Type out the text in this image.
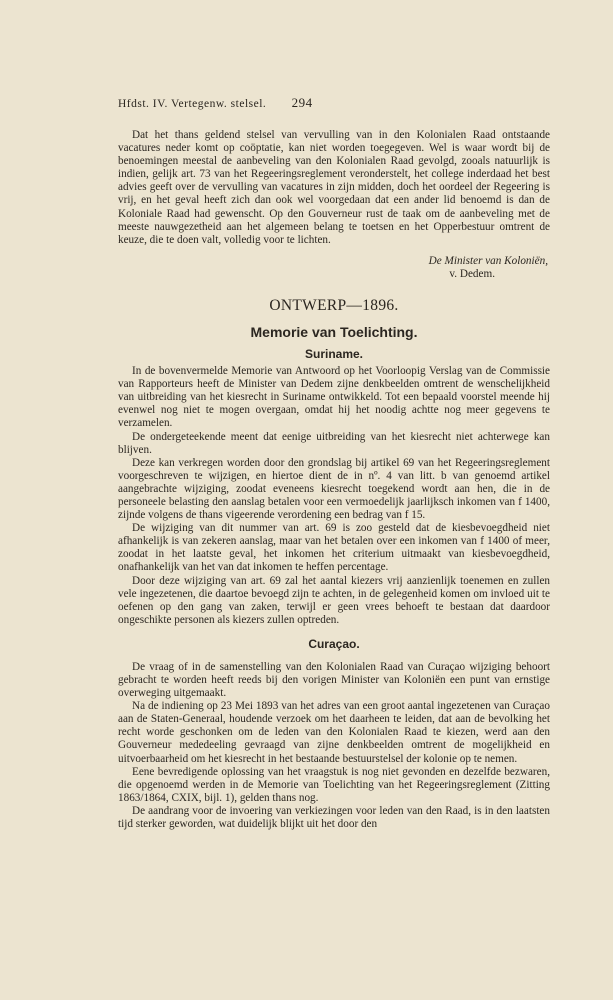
Hfdst. IV. Vertegenw. stelsel. 294

Dat het thans geldend stelsel van vervulling van in den Kolonialen Raad ontstaande vacatures neder komt op coöptatie, kan niet worden toegegeven. Wel is waar wordt bij de benoemingen meestal de aanbeveling van den Kolonialen Raad gevolgd, zooals natuurlijk is indien, gelijk art. 73 van het Regeeringsreglement veronderstelt, het college inderdaad het best advies geeft over de vervulling van vacatures in zijn midden, doch het oordeel der Regeering is vrij, en het geval heeft zich dan ook wel voorgedaan dat een ander lid benoemd is dan de Koloniale Raad had gewenscht. Op den Gouverneur rust de taak om de aanbeveling met de meeste nauwgezetheid aan het algemeen belang te toetsen en het Opperbestuur omtrent de keuze, die te doen valt, volledig voor te lichten.

De Minister van Koloniën,
v. Dedem.
ONTWERP—1896.
Memorie van Toelichting.
Suriname.

In de bovenvermelde Memorie van Antwoord op het Voorloopig Verslag van de Commissie van Rapporteurs heeft de Minister van Dedem zijne denkbeelden omtrent de wenschelijkheid van uitbreiding van het kiesrecht in Suriname ontwikkeld. Tot een bepaald voorstel meende hij evenwel nog niet te mogen overgaan, omdat hij het noodig achtte nog meer gegevens te verzamelen.

De ondergeteekende meent dat eenige uitbreiding van het kiesrecht niet achterwege kan blijven.

Deze kan verkregen worden door den grondslag bij artikel 69 van het Regeeringsreglement voorgeschreven te wijzigen, en hiertoe dient de in nº. 4 van litt. b van genoemd artikel aangebrachte wijziging, zoodat eveneens kiesrecht toegekend wordt aan hen, die in de personeele belasting den aanslag betalen voor een vermoedelijk jaarlijksch inkomen van f 1400, zijnde volgens de thans vigeerende verordening een bedrag van f 15.

De wijziging van dit nummer van art. 69 is zoo gesteld dat de kiesbevoegdheid niet afhankelijk is van zekeren aanslag, maar van het betalen over een inkomen van f 1400 of meer, zoodat in het laatste geval, het inkomen het criterium uitmaakt van kiesbevoegdheid, onafhankelijk van het van dat inkomen te heffen percentage.

Door deze wijziging van art. 69 zal het aantal kiezers vrij aanzienlijk toenemen en zullen vele ingezetenen, die daartoe bevoegd zijn te achten, in de gelegenheid komen om invloed uit te oefenen op den gang van zaken, terwijl er geen vrees behoeft te bestaan dat daardoor ongeschikte personen als kiezers zullen optreden.

Curaçao.

De vraag of in de samenstelling van den Kolonialen Raad van Curaçao wijziging behoort gebracht te worden heeft reeds bij den vorigen Minister van Koloniën een punt van ernstige overweging uitgemaakt.

Na de indiening op 23 Mei 1893 van het adres van een groot aantal ingezetenen van Curaçao aan de Staten-Generaal, houdende verzoek om het daarheen te leiden, dat aan de bevolking het recht worde geschonken om de leden van den Kolonialen Raad te kiezen, werd aan den Gouverneur mededeeling gevraagd van zijne denkbeelden omtrent de mogelijkheid en uitvoerbaarheid om het kiesrecht in het bestaande bestuurstelsel der kolonie op te nemen.

Eene bevredigende oplossing van het vraagstuk is nog niet gevonden en dezelfde bezwaren, die opgenoemd werden in de Memorie van Toelichting van het Regeeringsreglement (Zitting 1863/1864, CXIX, bijl. 1), gelden thans nog.

De aandrang voor de invoering van verkiezingen voor leden van den Raad, is in den laatsten tijd sterker geworden, wat duidelijk blijkt uit het door den
